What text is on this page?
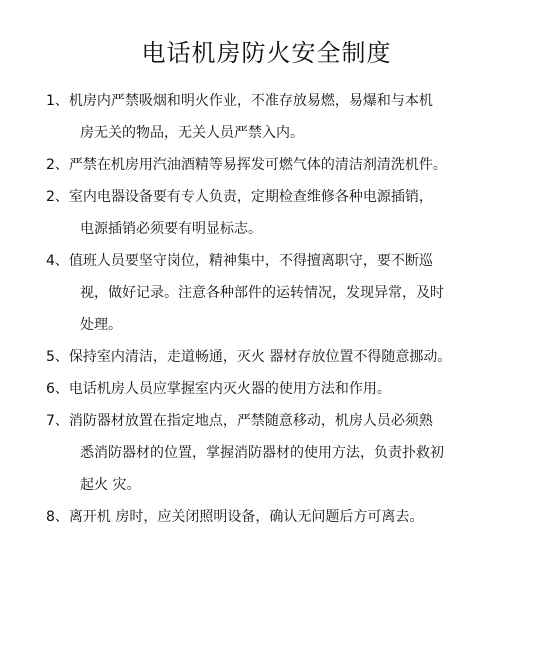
电话机房防火安全制度
1、机房内严禁吸烟和明火作业，不准存放易燃，易爆和与本机
房无关的物品，无关人员严禁入内。
2、严禁在机房用汽油酒精等易挥发可燃气体的清洁剂清洗机件。
2、室内电器设备要有专人负责，定期检查维修各种电源插销，
电源插销必须要有明显标志。
4、值班人员要坚守岗位，精神集中，不得擅离职守，要不断巡
视，做好记录。注意各种部件的运转情况，发现异常，及时
处理。
5、保持室内清洁，走道畅通，灭火 器材存放位置不得随意挪动。
6、电话机房人员应掌握室内灭火器的使用方法和作用。
7、消防器材放置在指定地点，严禁随意移动，机房人员必须熟
悉消防器材的位置，掌握消防器材的使用方法，负责扑救初
起火 灾。
8、离开机 房时，应关闭照明设备，确认无问题后方可离去。
